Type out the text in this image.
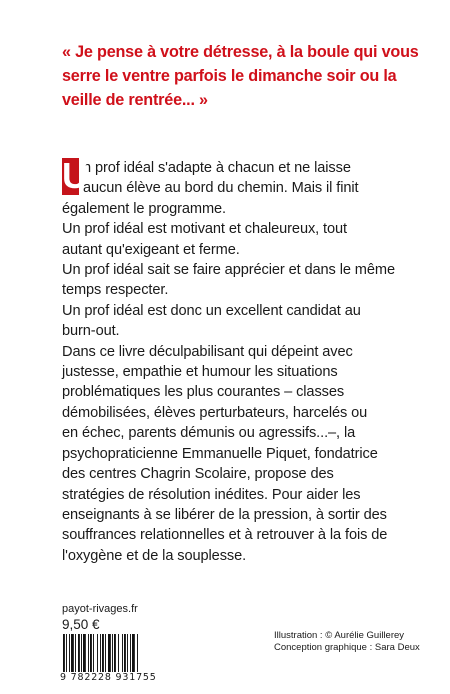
« Je pense à votre détresse, à la boule qui vous
serre le ventre parfois le dimanche soir ou la
veille de rentrée... »
U
n prof idéal s'adapte à chacun et ne laisse
aucun élève au bord du chemin. Mais il finit
également le programme.
Un prof idéal est motivant et chaleureux, tout
autant qu'exigeant et ferme.
Un prof idéal sait se faire apprécier et dans le même
temps respecter.
Un prof idéal est donc un excellent candidat au
burn-out.
Dans ce livre déculpabilisant qui dépeint avec
justesse, empathie et humour les situations
problématiques les plus courantes – classes
démobilisées, élèves perturbateurs, harcelés ou
en échec, parents démunis ou agressifs...–, la
psychopraticienne Emmanuelle Piquet, fondatrice
des centres Chagrin Scolaire, propose des
stratégies de résolution inédites. Pour aider les
enseignants à se libérer de la pression, à sortir des
souffrances relationnelles et à retrouver à la fois de
l'oxygène et de la souplesse.
payot-rivages.fr
9,50 €
9 782228 931755
Illustration : © Aurélie Guillerey
Conception graphique : Sara Deux
